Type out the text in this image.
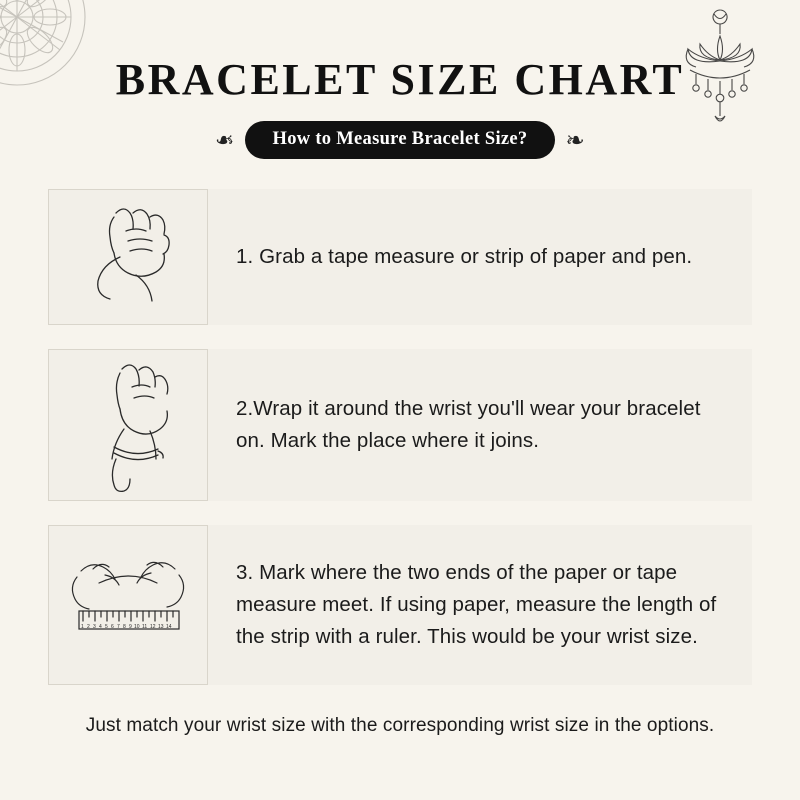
BRACELET SIZE CHART
❧	How to Measure Bracelet Size?	❧
1. Grab a tape measure or strip of paper and pen.
2.Wrap it around the wrist you'll wear your bracelet on. Mark the place where it joins.
1 2 3 4 5 6 7 8 9 10 11 12 13 14
3. Mark where the two ends of the paper or tape measure meet. If using paper, measure the length of the strip with a ruler. This would be your wrist size.
Just match your wrist size with the corresponding wrist size in the options.
